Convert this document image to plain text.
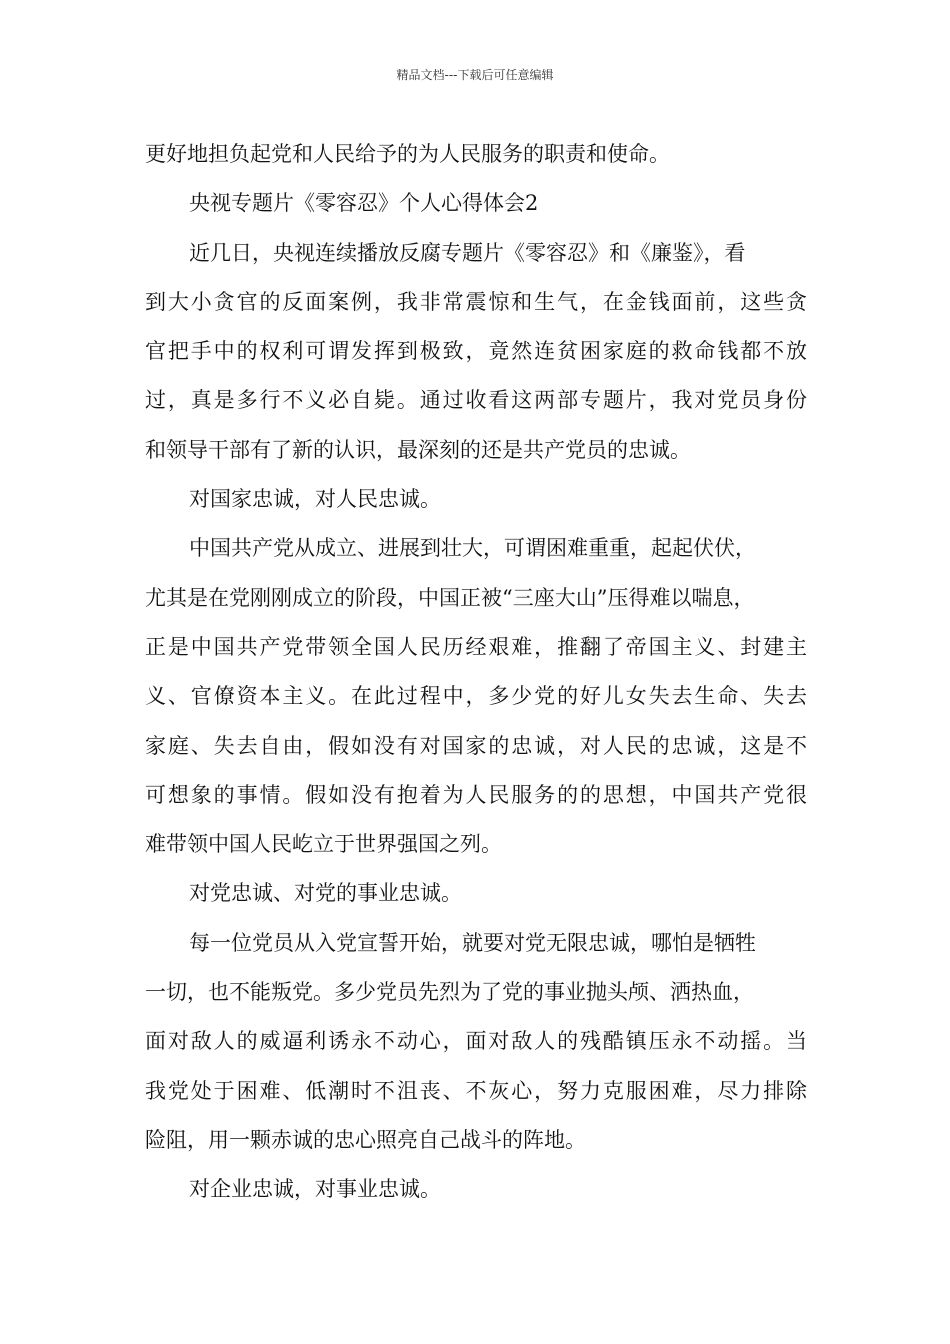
精品文档---下载后可任意编辑
更好地担负起党和人民给予的为人民服务的职责和使命。
央视专题片《零容忍》个人心得体会2
近几日，央视连续播放反腐专题片《零容忍》和《廉鉴》，看
到大小贪官的反面案例，我非常震惊和生气，在金钱面前，这些贪
官把手中的权利可谓发挥到极致，竟然连贫困家庭的救命钱都不放
过，真是多行不义必自毙。通过收看这两部专题片，我对党员身份
和领导干部有了新的认识，最深刻的还是共产党员的忠诚。
对国家忠诚，对人民忠诚。
中国共产党从成立、进展到壮大，可谓困难重重，起起伏伏，
尤其是在党刚刚成立的阶段，中国正被“三座大山”压得难以喘息，
正是中国共产党带领全国人民历经艰难，推翻了帝国主义、封建主
义、官僚资本主义。在此过程中，多少党的好儿女失去生命、失去
家庭、失去自由，假如没有对国家的忠诚，对人民的忠诚，这是不
可想象的事情。假如没有抱着为人民服务的的思想，中国共产党很
难带领中国人民屹立于世界强国之列。
对党忠诚、对党的事业忠诚。
每一位党员从入党宣誓开始，就要对党无限忠诚，哪怕是牺牲
一切，也不能叛党。多少党员先烈为了党的事业抛头颅、洒热血，
面对敌人的威逼利诱永不动心，面对敌人的残酷镇压永不动摇。当
我党处于困难、低潮时不沮丧、不灰心，努力克服困难，尽力排除
险阻，用一颗赤诚的忠心照亮自己战斗的阵地。
对企业忠诚，对事业忠诚。
